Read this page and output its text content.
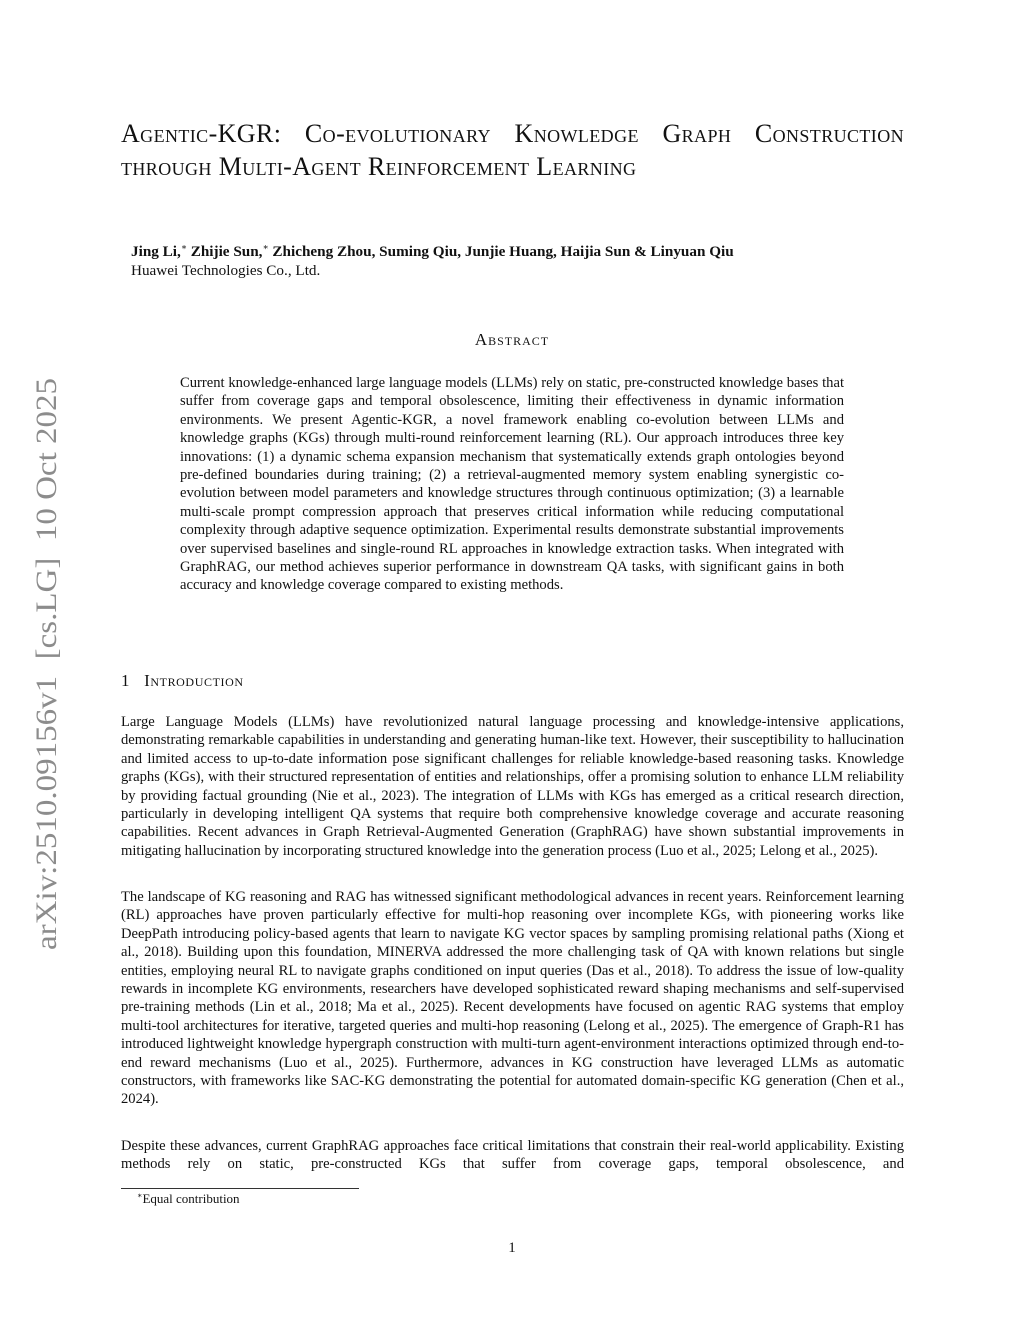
arXiv:2510.09156v1  [cs.LG]  10 Oct 2025
Agentic-KGR: Co-evolutionary Knowledge Graph Construction through Multi-Agent Reinforcement Learning

Jing Li,∗ Zhijie Sun,∗ Zhicheng Zhou, Suming Qiu, Junjie Huang, Haijia Sun & Linyuan Qiu

Huawei Technologies Co., Ltd.

Abstract

Current knowledge-enhanced large language models (LLMs) rely on static, pre-constructed knowledge bases that suffer from coverage gaps and temporal obsolescence, limiting their effectiveness in dynamic information environments. We present Agentic-KGR, a novel framework enabling co-evolution between LLMs and knowledge graphs (KGs) through multi-round reinforcement learning (RL). Our approach introduces three key innovations: (1) a dynamic schema expansion mechanism that systematically extends graph ontologies beyond pre-defined boundaries during training; (2) a retrieval-augmented memory system enabling synergistic co-evolution between model parameters and knowledge structures through continuous optimization; (3) a learnable multi-scale prompt compression approach that preserves critical information while reducing computational complexity through adaptive sequence optimization. Experimental results demonstrate substantial improvements over supervised baselines and single-round RL approaches in knowledge extraction tasks. When integrated with GraphRAG, our method achieves superior performance in downstream QA tasks, with significant gains in both accuracy and knowledge coverage compared to existing methods.

1 Introduction

Large Language Models (LLMs) have revolutionized natural language processing and knowledge-intensive applications, demonstrating remarkable capabilities in understanding and generating human-like text. However, their susceptibility to hallucination and limited access to up-to-date information pose significant challenges for reliable knowledge-based reasoning tasks. Knowledge graphs (KGs), with their structured representation of entities and relationships, offer a promising solution to enhance LLM reliability by providing factual grounding (Nie et al., 2023). The integration of LLMs with KGs has emerged as a critical research direction, particularly in developing intelligent QA systems that require both comprehensive knowledge coverage and accurate reasoning capabilities. Recent advances in Graph Retrieval-Augmented Generation (GraphRAG) have shown substantial improvements in mitigating hallucination by incorporating structured knowledge into the generation process (Luo et al., 2025; Lelong et al., 2025).

The landscape of KG reasoning and RAG has witnessed significant methodological advances in recent years. Reinforcement learning (RL) approaches have proven particularly effective for multi-hop reasoning over incomplete KGs, with pioneering works like DeepPath introducing policy-based agents that learn to navigate KG vector spaces by sampling promising relational paths (Xiong et al., 2018). Building upon this foundation, MINERVA addressed the more challenging task of QA with known relations but single entities, employing neural RL to navigate graphs conditioned on input queries (Das et al., 2018). To address the issue of low-quality rewards in incomplete KG environments, researchers have developed sophisticated reward shaping mechanisms and self-supervised pre-training methods (Lin et al., 2018; Ma et al., 2025). Recent developments have focused on agentic RAG systems that employ multi-tool architectures for iterative, targeted queries and multi-hop reasoning (Lelong et al., 2025). The emergence of Graph-R1 has introduced lightweight knowledge hypergraph construction with multi-turn agent-environment interactions optimized through end-to-end reward mechanisms (Luo et al., 2025). Furthermore, advances in KG construction have leveraged LLMs as automatic constructors, with frameworks like SAC-KG demonstrating the potential for automated domain-specific KG generation (Chen et al., 2024).

Despite these advances, current GraphRAG approaches face critical limitations that constrain their real-world applicability. Existing methods rely on static, pre-constructed KGs that suffer from coverage gaps, temporal obsolescence, and

∗Equal contribution

1
